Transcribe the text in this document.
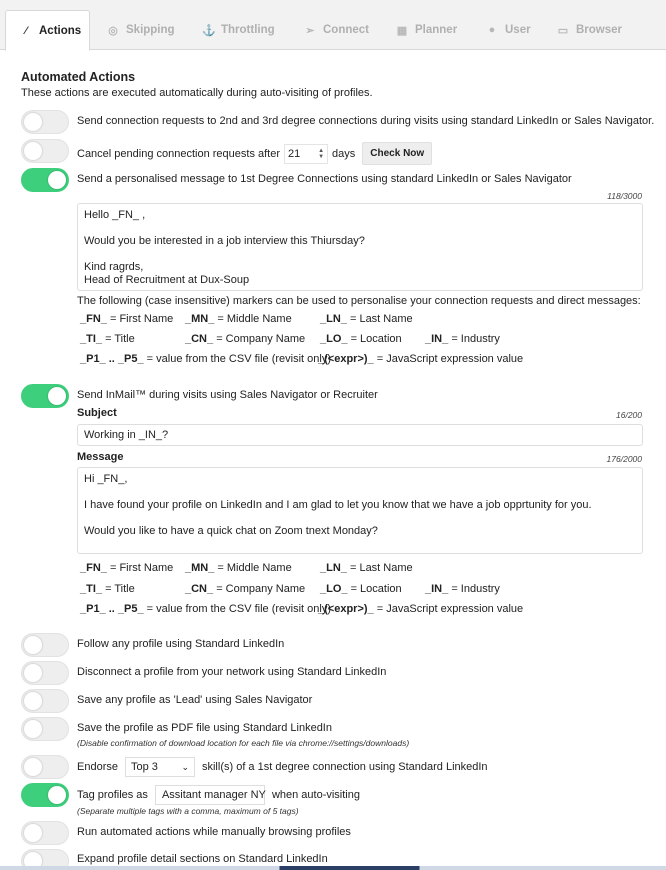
⁄	Actions ◎ Skipping ⚓ Throttling	➢ Connect	▦ Planner	● User ▭ Browser
Automated Actions
These actions are executed automatically during auto-visiting of profiles.
Send connection requests to 2nd and 3rd degree connections during visits using standard LinkedIn or Sales Navigator.
Cancel pending connection requests after 21	▲
▼ days	Check Now
Send a personalised message to 1st Degree Connections using standard LinkedIn or Sales Navigator
118/3000
Hello _FN_ ,
Would you be interested in a job interview this Thiursday?
Kind ragrds,
Head of Recruitment at Dux-Soup
The following (case insensitive) markers can be used to personalise your connection requests and direct messages:
_FN_ = First Name _MN_ = Middle Name	_LN_ = Last Name
_TI_ = Title	_CN_ = Company Name _LO_ = Location _IN_ = Industry
_P1_ .. _P5_ = value from the CSV file (revisit only)
_(<expr>)_ = JavaScript expression value
Send InMail™ during visits using Sales Navigator or Recruiter
Subject	16/200
Working in _IN_?
Message	176/2000
Hi _FN_,
I have found your profile on LinkedIn and I am glad to let you know that we have a job opprtunity for you.
Would you like to have a quick chat on Zoom tnext Monday?
_FN_ = First Name _MN_ = Middle Name	_LN_ = Last Name
_TI_ = Title	_CN_ = Company Name _LO_ = Location _IN_ = Industry
_P1_ .. _P5_ = value from the CSV file (revisit only)
_(<expr>)_ = JavaScript expression value
Follow any profile using Standard LinkedIn
Disconnect a profile from your network using Standard LinkedIn
Save any profile as 'Lead' using Sales Navigator
Save the profile as PDF file using Standard LinkedIn
(Disable confirmation of download location for each file via chrome://settings/downloads)
Endorse Top 3	⌄ skill(s) of a 1st degree connection using Standard LinkedIn
Tag profiles as	Assitant manager NY when auto-visiting
(Separate multiple tags with a comma, maximum of 5 tags)
Run automated actions while manually browsing profiles
Expand profile detail sections on Standard LinkedIn
